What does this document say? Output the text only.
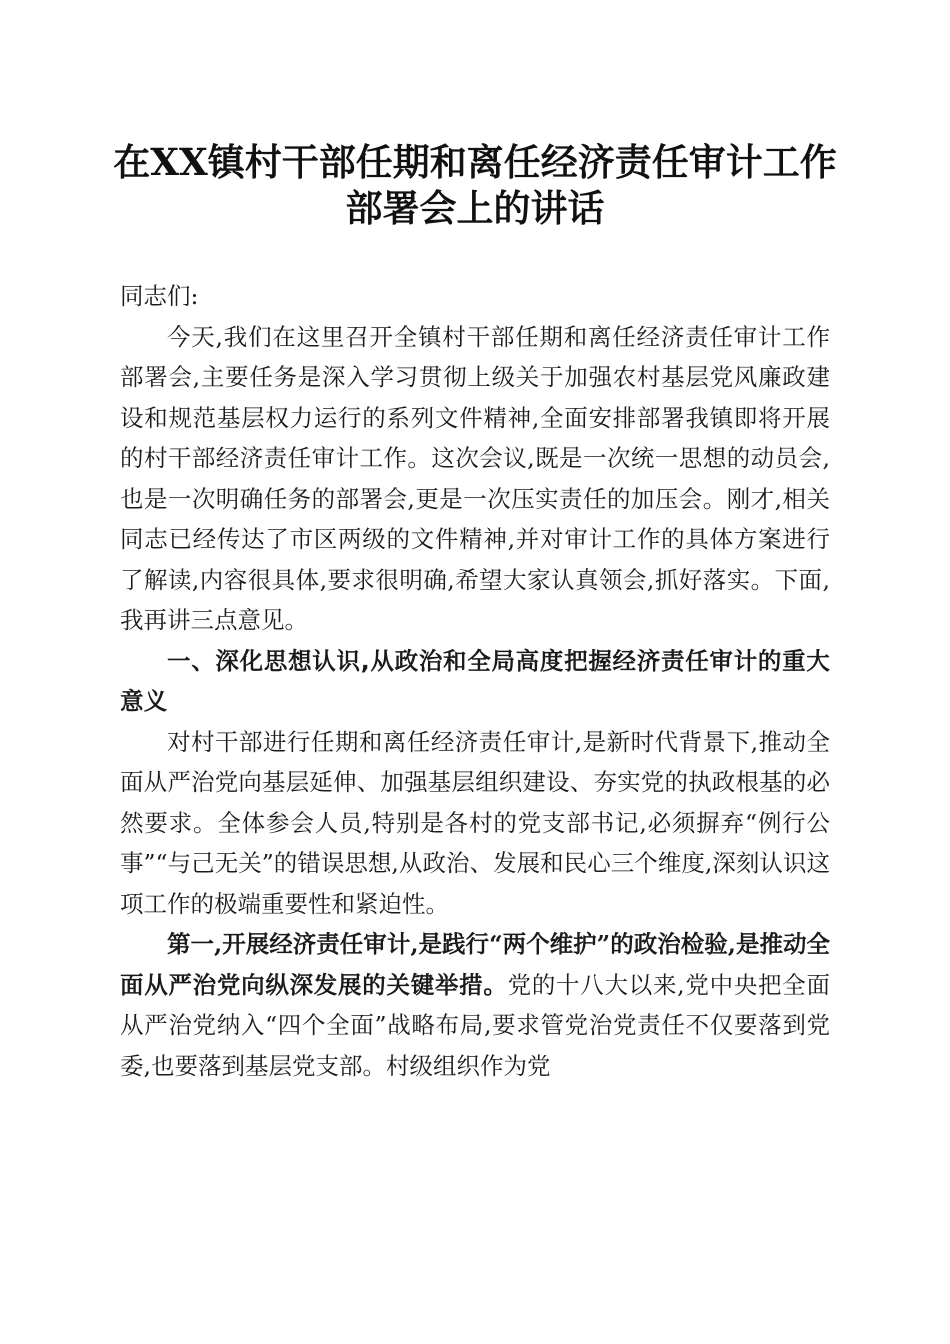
在XX镇村干部任期和离任经济责任审计工作
部署会上的讲话

同志们:

今天,我们在这里召开全镇村干部任期和离任经济责任审计工作部署会,主要任务是深入学习贯彻上级关于加强农村基层党风廉政建设和规范基层权力运行的系列文件精神,全面安排部署我镇即将开展的村干部经济责任审计工作。这次会议,既是一次统一思想的动员会,也是一次明确任务的部署会,更是一次压实责任的加压会。刚才,相关同志已经传达了市区两级的文件精神,并对审计工作的具体方案进行了解读,内容很具体,要求很明确,希望大家认真领会,抓好落实。下面,我再讲三点意见。

一、深化思想认识,从政治和全局高度把握经济责任审计的重大意义

对村干部进行任期和离任经济责任审计,是新时代背景下,推动全面从严治党向基层延伸、加强基层组织建设、夯实党的执政根基的必然要求。全体参会人员,特别是各村的党支部书记,必须摒弃“例行公事”“与己无关”的错误思想,从政治、发展和民心三个维度,深刻认识这项工作的极端重要性和紧迫性。

第一,开展经济责任审计,是践行“两个维护”的政治检验,是推动全面从严治党向纵深发展的关键举措。党的十八大以来,党中央把全面从严治党纳入“四个全面”战略布局,要求管党治党责任不仅要落到党委,也要落到基层党支部。村级组织作为党
